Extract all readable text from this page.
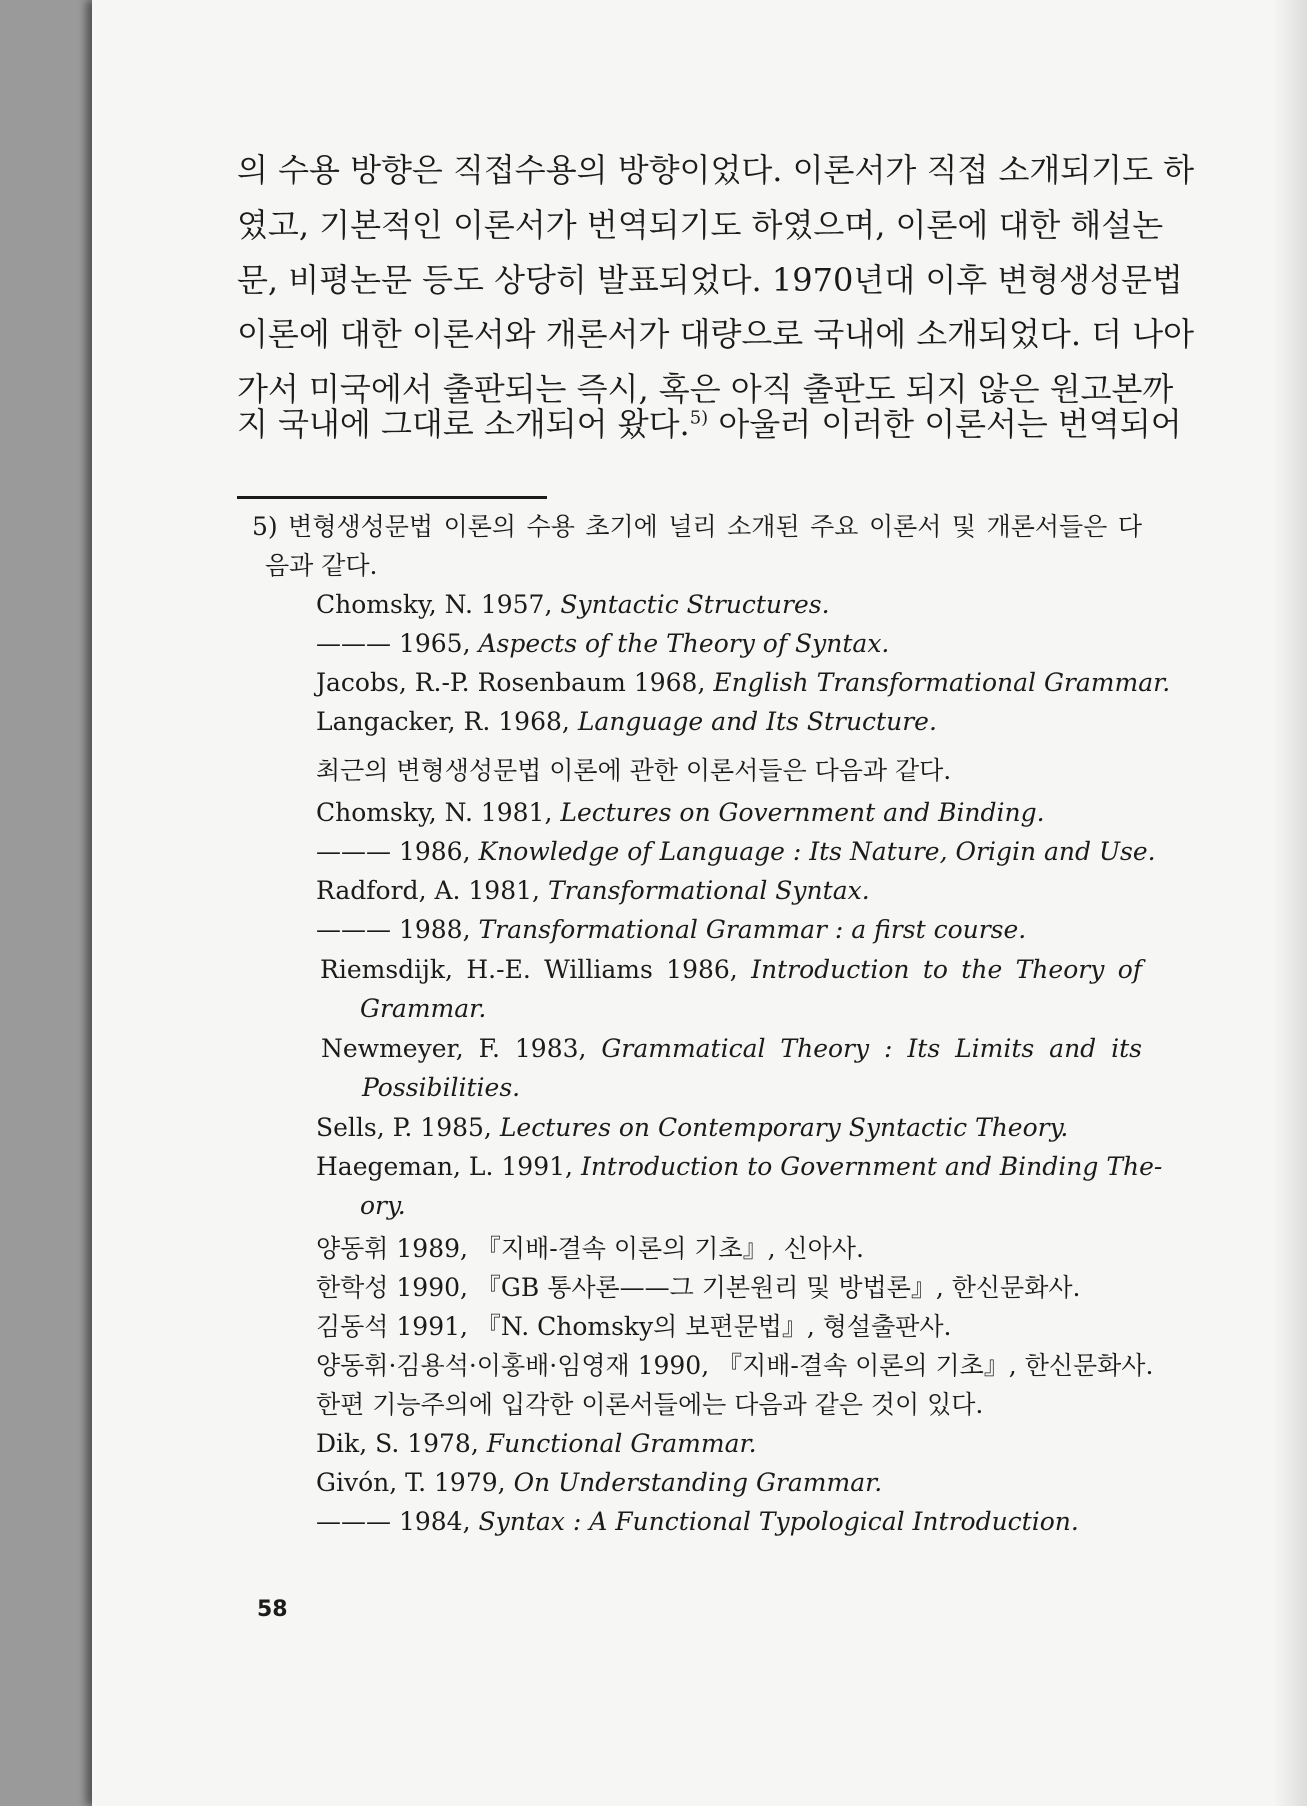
의 수용 방향은 직접수용의 방향이었다. 이론서가 직접 소개되기도 하
였고, 기본적인 이론서가 번역되기도 하였으며, 이론에 대한 해설논
문, 비평논문 등도 상당히 발표되었다. 1970년대 이후 변형생성문법
이론에 대한 이론서와 개론서가 대량으로 국내에 소개되었다. 더 나아
가서 미국에서 출판되는 즉시, 혹은 아직 출판도 되지 않은 원고본까
지 국내에 그대로 소개되어 왔다.$^{5)}$ 아울러 이러한 이론서는 번역되어
5) 변형생성문법 이론의 수용 초기에 널리 소개된 주요 이론서 및 개론서들은 다
음과 같다.
Chomsky, N. 1957, Syntactic Structures.
——— 1965, Aspects of the Theory of Syntax.
Jacobs, R.-P. Rosenbaum 1968, English Transformational Grammar.
Langacker, R. 1968, Language and Its Structure.
최근의 변형생성문법 이론에 관한 이론서들은 다음과 같다.
Chomsky, N. 1981, Lectures on Government and Binding.
——— 1986, Knowledge of Language : Its Nature, Origin and Use.
Radford, A. 1981, Transformational Syntax.
——— 1988, Transformational Grammar : a first course.
Riemsdijk, H.-E. Williams 1986, Introduction to the Theory of
Grammar.
Newmeyer, F. 1983, Grammatical Theory : Its Limits and its
Possibilities.
Sells, P. 1985, Lectures on Contemporary Syntactic Theory.
Haegeman, L. 1991, Introduction to Government and Binding The-
ory.
양동휘 1989, 『지배-결속 이론의 기초』, 신아사.
한학성 1990, 『GB 통사론——그 기본원리 및 방법론』, 한신문화사.
김동석 1991, 『N. Chomsky의 보편문법』, 형설출판사.
양동휘·김용석·이홍배·임영재 1990, 『지배-결속 이론의 기초』, 한신문화사.
한편 기능주의에 입각한 이론서들에는 다음과 같은 것이 있다.
Dik, S. 1978, Functional Grammar.
Givón, T. 1979, On Understanding Grammar.
——— 1984, Syntax : A Functional Typological Introduction.
58
